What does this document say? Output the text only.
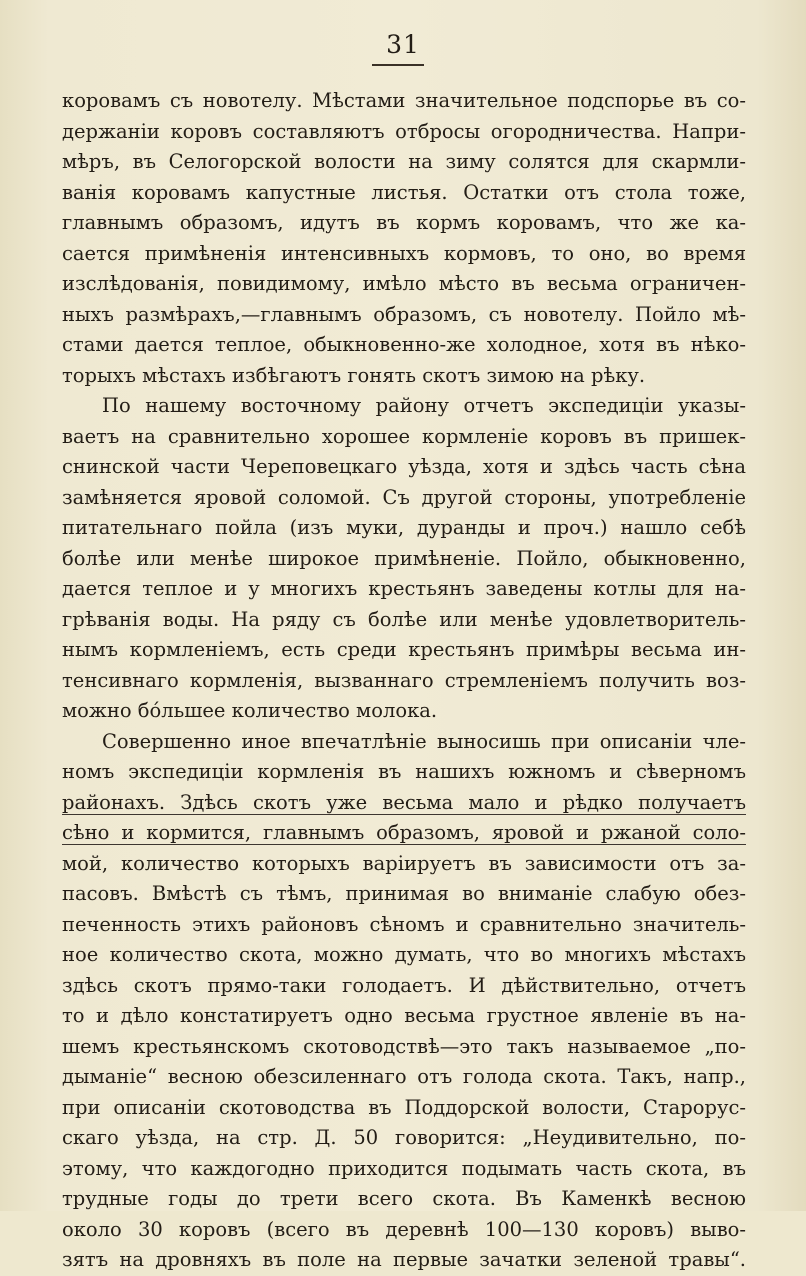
31
коровамъ съ новотелу. Мѣстами значительное подспорье въ со-
держаніи коровъ составляютъ отбросы огородничества. Напри-
мѣръ, въ Селогорской волости на зиму солятся для скармли-
ванія коровамъ капустные листья. Остатки отъ стола тоже,
главнымъ образомъ, идутъ въ кормъ коровамъ, что же ка-
сается примѣненія интенсивныхъ кормовъ, то оно, во время
изслѣдованія, повидимому, имѣло мѣсто въ весьма ограничен-
ныхъ размѣрахъ,—главнымъ образомъ, съ новотелу. Пойло мѣ-
стами дается теплое, обыкновенно-же холодное, хотя въ нѣко-
торыхъ мѣстахъ избѣгаютъ гонять скотъ зимою на рѣку.
По нашему восточному району отчетъ экспедиціи указы-
ваетъ на сравнительно хорошее кормленіе коровъ въ пришек-
снинской части Череповецкаго уѣзда, хотя и здѣсь часть сѣна
замѣняется яровой соломой. Съ другой стороны, употребленіе
питательнаго пойла (изъ муки, дуранды и проч.) нашло себѣ
болѣе или менѣе широкое примѣненіе. Пойло, обыкновенно,
дается теплое и у многихъ крестьянъ заведены котлы для на-
грѣванія воды. На ряду съ болѣе или менѣе удовлетворитель-
нымъ кормленіемъ, есть среди крестьянъ примѣры весьма ин-
тенсивнаго кормленія, вызваннаго стремленіемъ получить воз-
можно бо́льшее количество молока.
Совершенно иное впечатлѣніе выносишь при описаніи чле-
номъ экспедиціи кормленія въ нашихъ южномъ и сѣверномъ
районахъ. Здѣсь скотъ уже весьма мало и рѣдко получаетъ
сѣно и кормится, главнымъ образомъ, яровой и ржаной соло-
мой, количество которыхъ варіируетъ въ зависимости отъ за-
пасовъ. Вмѣстѣ съ тѣмъ, принимая во вниманіе слабую обез-
печенность этихъ районовъ сѣномъ и сравнительно значитель-
ное количество скота, можно думать, что во многихъ мѣстахъ
здѣсь скотъ прямо-таки голодаетъ. И дѣйствительно, отчетъ
то и дѣло констатируетъ одно весьма грустное явленіе въ на-
шемъ крестьянскомъ скотоводствѣ—это такъ называемое „по-
дыманіе“ весною обезсиленнаго отъ голода скота. Такъ, напр.,
при описаніи скотоводства въ Поддорской волости, Старорус-
скаго уѣзда, на стр. Д. 50 говорится: „Неудивительно, по-
этому, что каждогодно приходится подымать часть скота, въ
трудные годы до трети всего скота. Въ Каменкѣ весною
около 30 коровъ (всего въ деревнѣ 100—130 коровъ) выво-
зятъ на дровняхъ въ поле на первые зачатки зеленой травы“.
